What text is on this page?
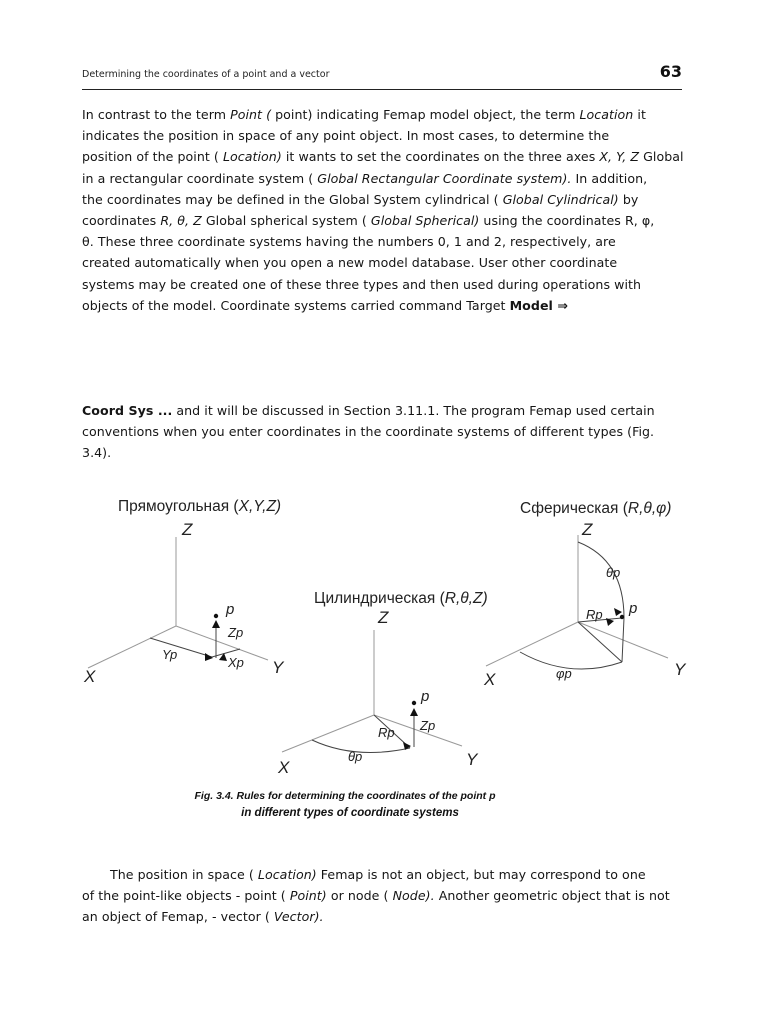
Determining the coordinates of a point and a vector	63
In contrast to the term Point ( point) indicating Femap model object, the term Location it
indicates the position in space of any point object. In most cases, to determine the
position of the point ( Location) it wants to set the coordinates on the three axes X, Y, Z Global
in a rectangular coordinate system ( Global Rectangular Coordinate system). In addition,
the coordinates may be defined in the Global System cylindrical ( Global Cylindrical) by
coordinates R, θ, Z Global spherical system ( Global Spherical) using the coordinates R, φ,
θ. These three coordinate systems having the numbers 0, 1 and 2, respectively, are
created automatically when you open a new model database. User other coordinate
systems may be created one of these three types and then used during operations with
objects of the model. Coordinate systems carried command Target Model ⇒
Coord Sys ... and it will be discussed in Section 3.11.1. The program Femap used certain
conventions when you enter coordinates in the coordinate systems of different types (Fig.
3.4).
Прямоугольная (X,Y,Z)
Z
X	Y
p
Zp
Yp
Xp
Цилиндрическая (R,θ,Z)
Z
X	Y
p
Zp
Rp
θp
Сферическая (R,θ,φ)
Z
X
Y
p
Rp
θp
φp
Fig. 3.4. Rules for determining the coordinates of the point p
in different types of coordinate systems
The position in space ( Location) Femap is not an object, but may correspond to one
of the point-like objects - point ( Point) or node ( Node). Another geometric object that is not
an object of Femap, - vector ( Vector).
